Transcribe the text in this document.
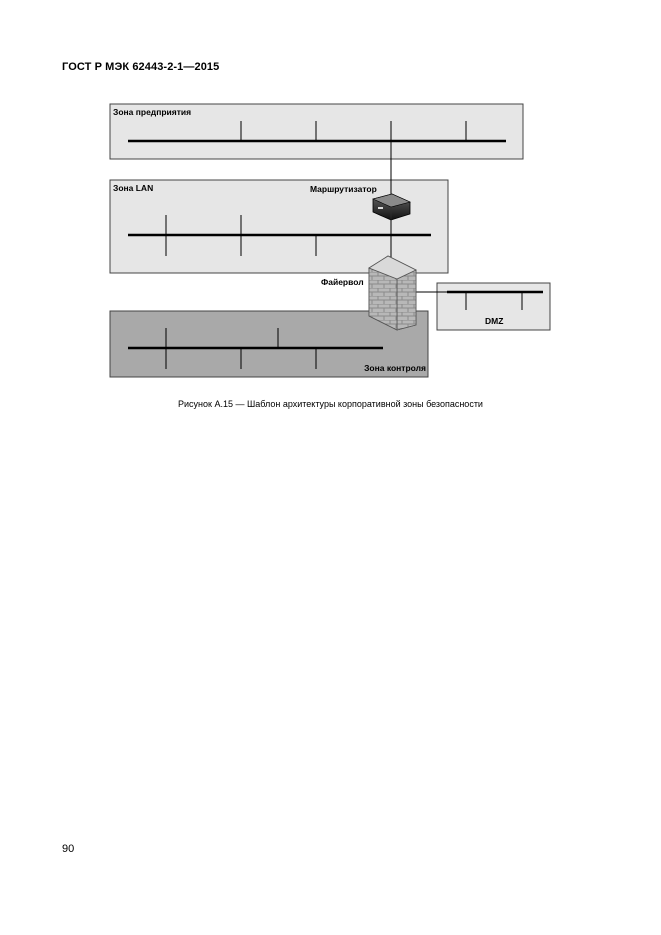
ГОСТ Р МЭК 62443-2-1—2015
Зона предприятия
Зона LAN
Зона контроля
DMZ
Маршрутизатор
Файервол
Рисунок А.15 — Шаблон архитектуры корпоративной зоны безопасности
90
